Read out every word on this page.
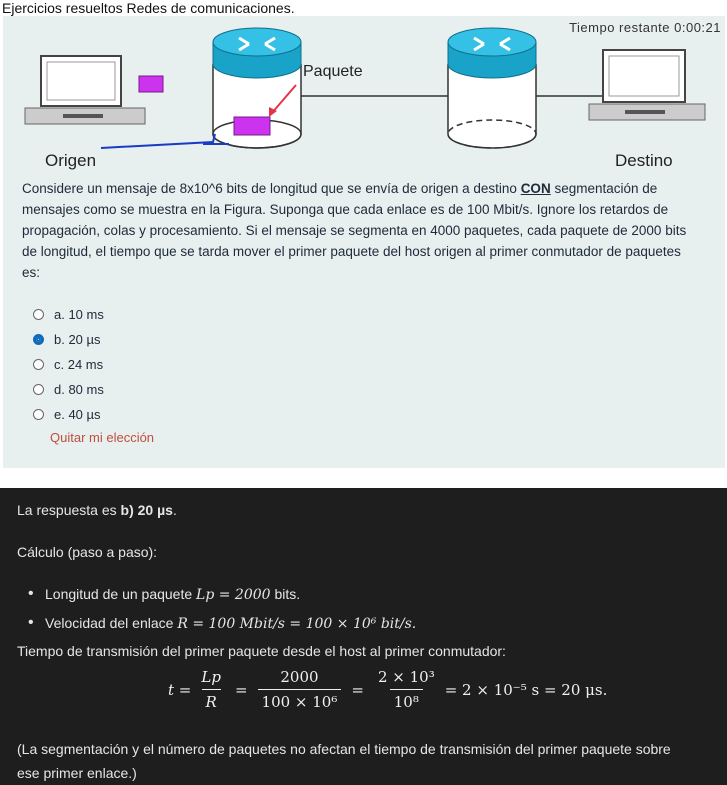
Ejercicios resueltos Redes de comunicaciones.
Tiempo restante 0:00:21
Paquete
Origen	Destino
Considere un mensaje de 8x10^6 bits de longitud que se envía de origen a destino CON segmentación de mensajes como se muestra en la Figura. Suponga que cada enlace es de 100 Mbit/s. Ignore los retardos de propagación, colas y procesamiento. Si el mensaje se segmenta en 4000 paquetes, cada paquete de 2000 bits de longitud, el tiempo que se tarda mover el primer paquete del host origen al primer conmutador de paquetes es:
a. 10 ms
b. 20 µs
c. 24 ms
d. 80 ms
e. 40 µs
Quitar mi elección

La respuesta es b) 20 µs.

Cálculo (paso a paso):

• Longitud de un paquete Lp = 2000 bits.
• Velocidad del enlace R = 100 Mbit/s = 100 × 10⁶ bit/s.

Tiempo de transmisión del primer paquete desde el host al primer conmutador:

$t = \frac{Lp}{R} = \frac{2000}{\text{100 × 10⁶}} = \frac{\text{2 × 10³}}{\text{10⁸}} = 2 \times 10^{-5}$ s = 20 μs.

(La segmentación y el número de paquetes no afectan el tiempo de transmisión del primer paquete sobre

ese primer enlace.)
